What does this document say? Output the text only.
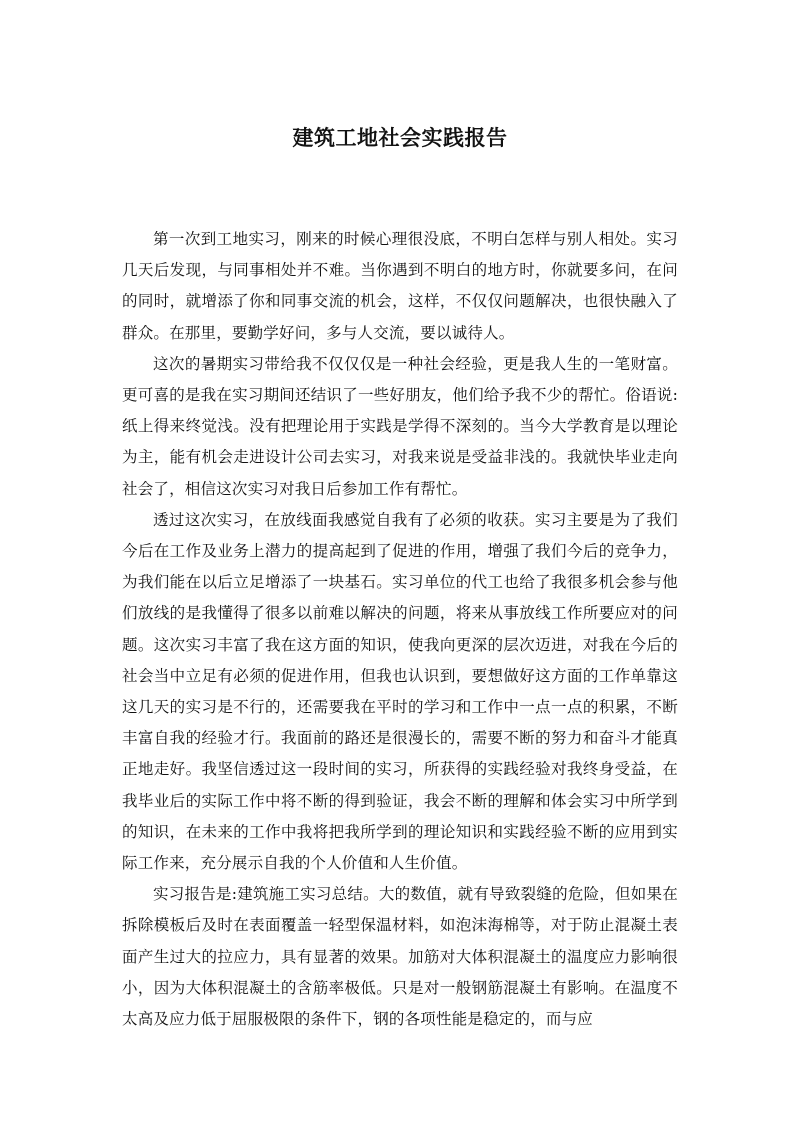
建筑工地社会实践报告

第一次到工地实习，刚来的时候心理很没底，不明白怎样与别人相处。实习几天后发现，与同事相处并不难。当你遇到不明白的地方时，你就要多问，在问的同时，就增添了你和同事交流的机会，这样，不仅仅问题解决，也很快融入了群众。在那里，要勤学好问，多与人交流，要以诚待人。

这次的暑期实习带给我不仅仅仅是一种社会经验，更是我人生的一笔财富。更可喜的是我在实习期间还结识了一些好朋友，他们给予我不少的帮忙。俗语说:纸上得来终觉浅。没有把理论用于实践是学得不深刻的。当今大学教育是以理论为主，能有机会走进设计公司去实习，对我来说是受益非浅的。我就快毕业走向社会了，相信这次实习对我日后参加工作有帮忙。

透过这次实习，在放线面我感觉自我有了必须的收获。实习主要是为了我们今后在工作及业务上潜力的提高起到了促进的作用，增强了我们今后的竞争力，为我们能在以后立足增添了一块基石。实习单位的代工也给了我很多机会参与他们放线的是我懂得了很多以前难以解决的问题，将来从事放线工作所要应对的问题。这次实习丰富了我在这方面的知识，使我向更深的层次迈进，对我在今后的社会当中立足有必须的促进作用，但我也认识到，要想做好这方面的工作单靠这这几天的实习是不行的，还需要我在平时的学习和工作中一点一点的积累，不断丰富自我的经验才行。我面前的路还是很漫长的，需要不断的努力和奋斗才能真正地走好。我坚信透过这一段时间的实习，所获得的实践经验对我终身受益，在我毕业后的实际工作中将不断的得到验证，我会不断的理解和体会实习中所学到的知识，在未来的工作中我将把我所学到的理论知识和实践经验不断的应用到实际工作来，充分展示自我的个人价值和人生价值。

实习报告是:建筑施工实习总结。大的数值，就有导致裂缝的危险，但如果在拆除模板后及时在表面覆盖一轻型保温材料，如泡沫海棉等，对于防止混凝土表面产生过大的拉应力，具有显著的效果。加筋对大体积混凝土的温度应力影响很小，因为大体积混凝土的含筋率极低。只是对一般钢筋混凝土有影响。在温度不太高及应力低于屈服极限的条件下，钢的各项性能是稳定的，而与应
